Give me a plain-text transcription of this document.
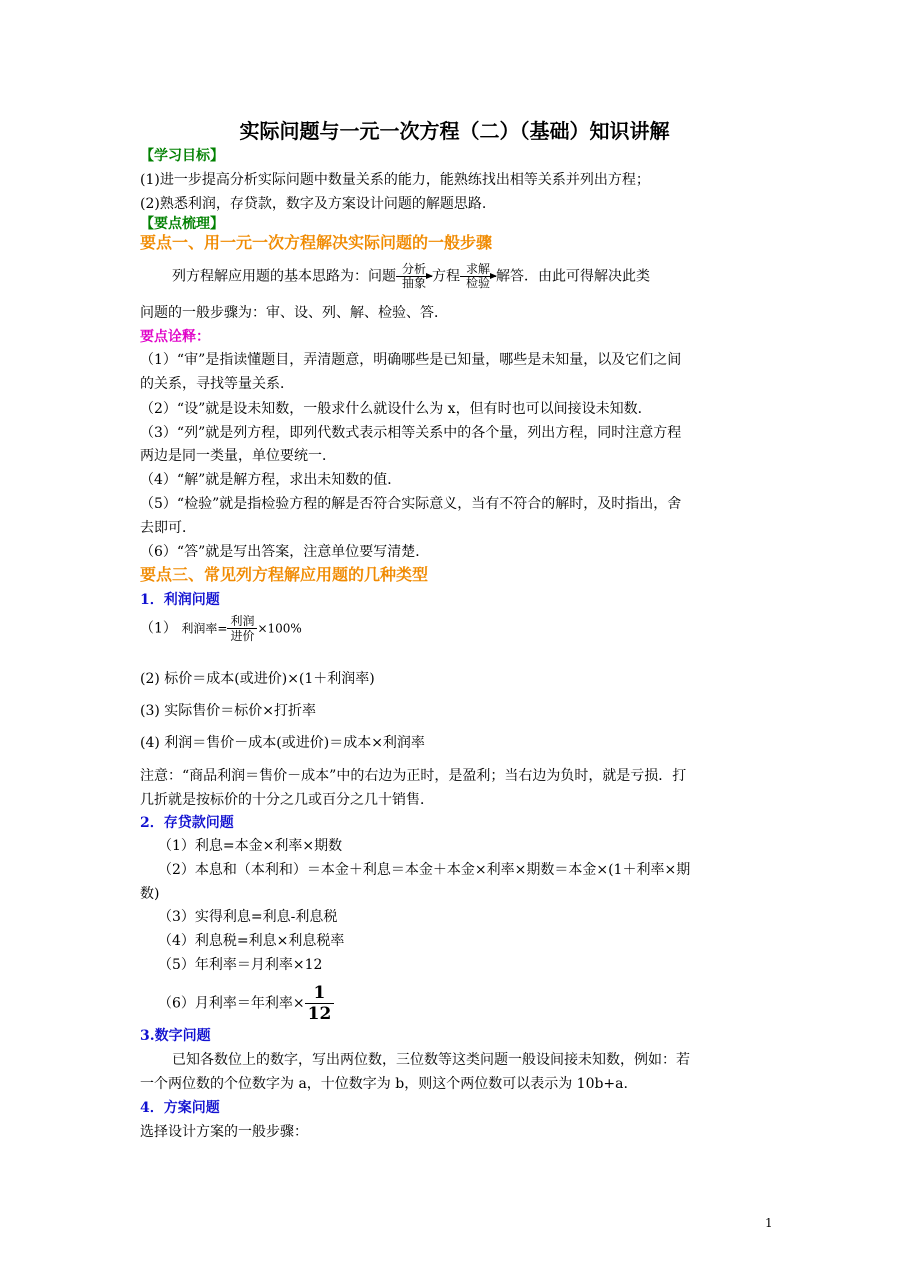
实际问题与一元一次方程（二）（基础）知识讲解
【学习目标】
(1)进一步提高分析实际问题中数量关系的能力，能熟练找出相等关系并列出方程；
(2)熟悉利润，存贷款，数字及方案设计问题的解题思路.
【要点梳理】
要点一、用一元一次方程解决实际问题的一般步骤
列方程解应用题的基本思路为：问题 分析
抽象 方程 求解
检验 解答．由此可得解决此类
问题的一般步骤为：审、设、列、解、检验、答．
要点诠释：
（1）“审”是指读懂题目，弄清题意，明确哪些是已知量，哪些是未知量，以及它们之间
的关系，寻找等量关系．
（2）“设”就是设未知数，一般求什么就设什么为 x，但有时也可以间接设未知数．
（3）“列”就是列方程，即列代数式表示相等关系中的各个量，列出方程，同时注意方程
两边是同一类量，单位要统一．
（4）“解”就是解方程，求出未知数的值．
（5）“检验”就是指检验方程的解是否符合实际意义，当有不符合的解时，及时指出，舍
去即可．
（6）“答”就是写出答案，注意单位要写清楚．
要点三、常见列方程解应用题的几种类型
1．利润问题
（1） 利润率= $\frac{\text{利润}}{\text{进价}} \times 100\%$
(2) 标价＝成本(或进价)×(1＋利润率)
(3) 实际售价＝标价×打折率
(4) 利润＝售价－成本(或进价)＝成本×利润率
注意：“商品利润＝售价－成本”中的右边为正时，是盈利；当右边为负时，就是亏损．打
几折就是按标价的十分之几或百分之几十销售．
2．存贷款问题
（1）利息=本金×利率×期数
（2）本息和（本利和）＝本金＋利息＝本金＋本金×利率×期数＝本金×(1＋利率×期
数)
（3）实得利息=利息-利息税
（4）利息税=利息×利息税率
（5）年利率＝月利率×12
（6）月利率＝年利率× $\frac{1}{12}$
3.数字问题
已知各数位上的数字，写出两位数，三位数等这类问题一般设间接未知数，例如：若
一个两位数的个位数字为 a，十位数字为 b，则这个两位数可以表示为 10b+a.
4．方案问题
选择设计方案的一般步骤：
1
